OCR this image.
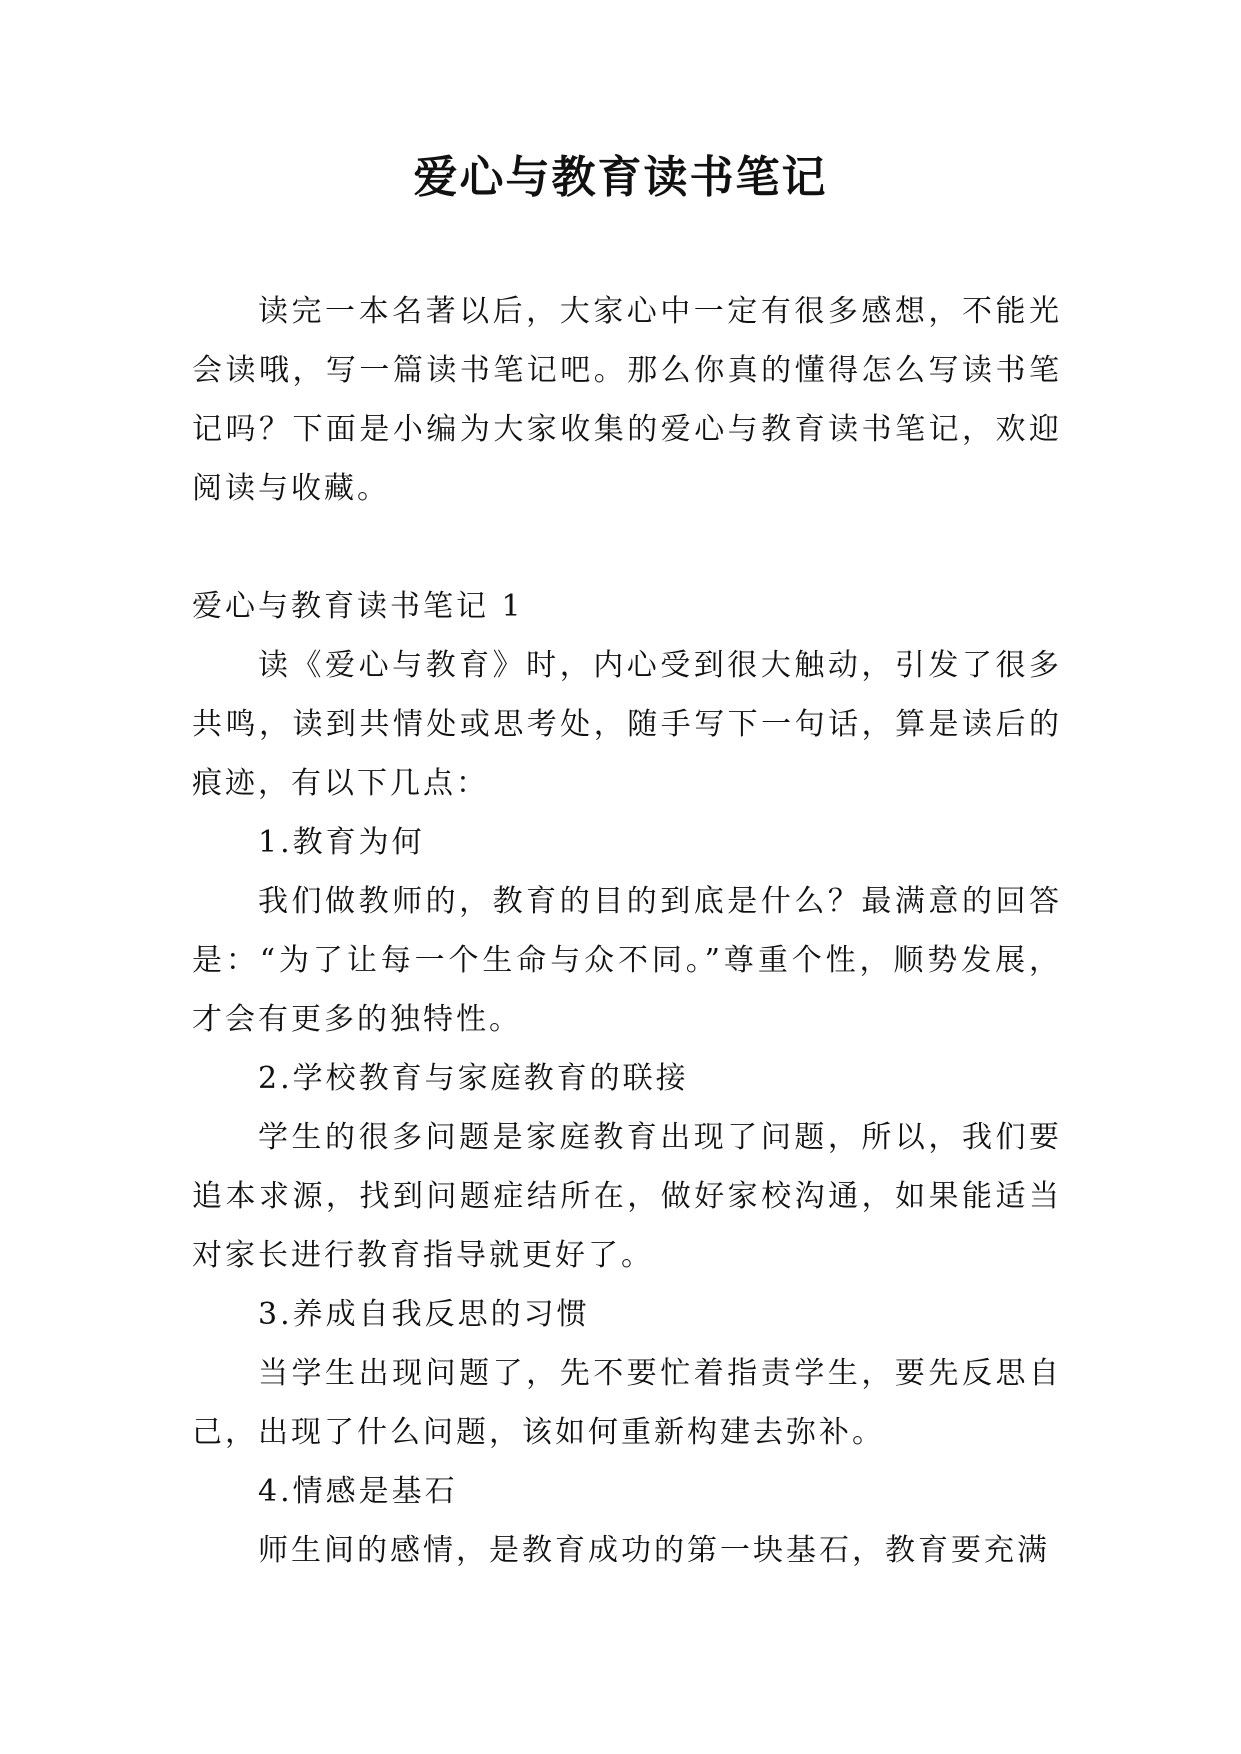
爱心与教育读书笔记

读完一本名著以后，大家心中一定有很多感想，不能光会读哦，写一篇读书笔记吧。那么你真的懂得怎么写读书笔记吗？下面是小编为大家收集的爱心与教育读书笔记，欢迎阅读与收藏。

爱心与教育读书笔记 1

读《爱心与教育》时，内心受到很大触动，引发了很多共鸣，读到共情处或思考处，随手写下一句话，算是读后的痕迹，有以下几点：

1.教育为何

我们做教师的，教育的目的到底是什么？最满意的回答是：“为了让每一个生命与众不同。”尊重个性，顺势发展，才会有更多的独特性。

2.学校教育与家庭教育的联接

学生的很多问题是家庭教育出现了问题，所以，我们要追本求源，找到问题症结所在，做好家校沟通，如果能适当对家长进行教育指导就更好了。

3.养成自我反思的习惯

当学生出现问题了，先不要忙着指责学生，要先反思自己，出现了什么问题，该如何重新构建去弥补。

4.情感是基石

师生间的感情，是教育成功的第一块基石，教育要充满
